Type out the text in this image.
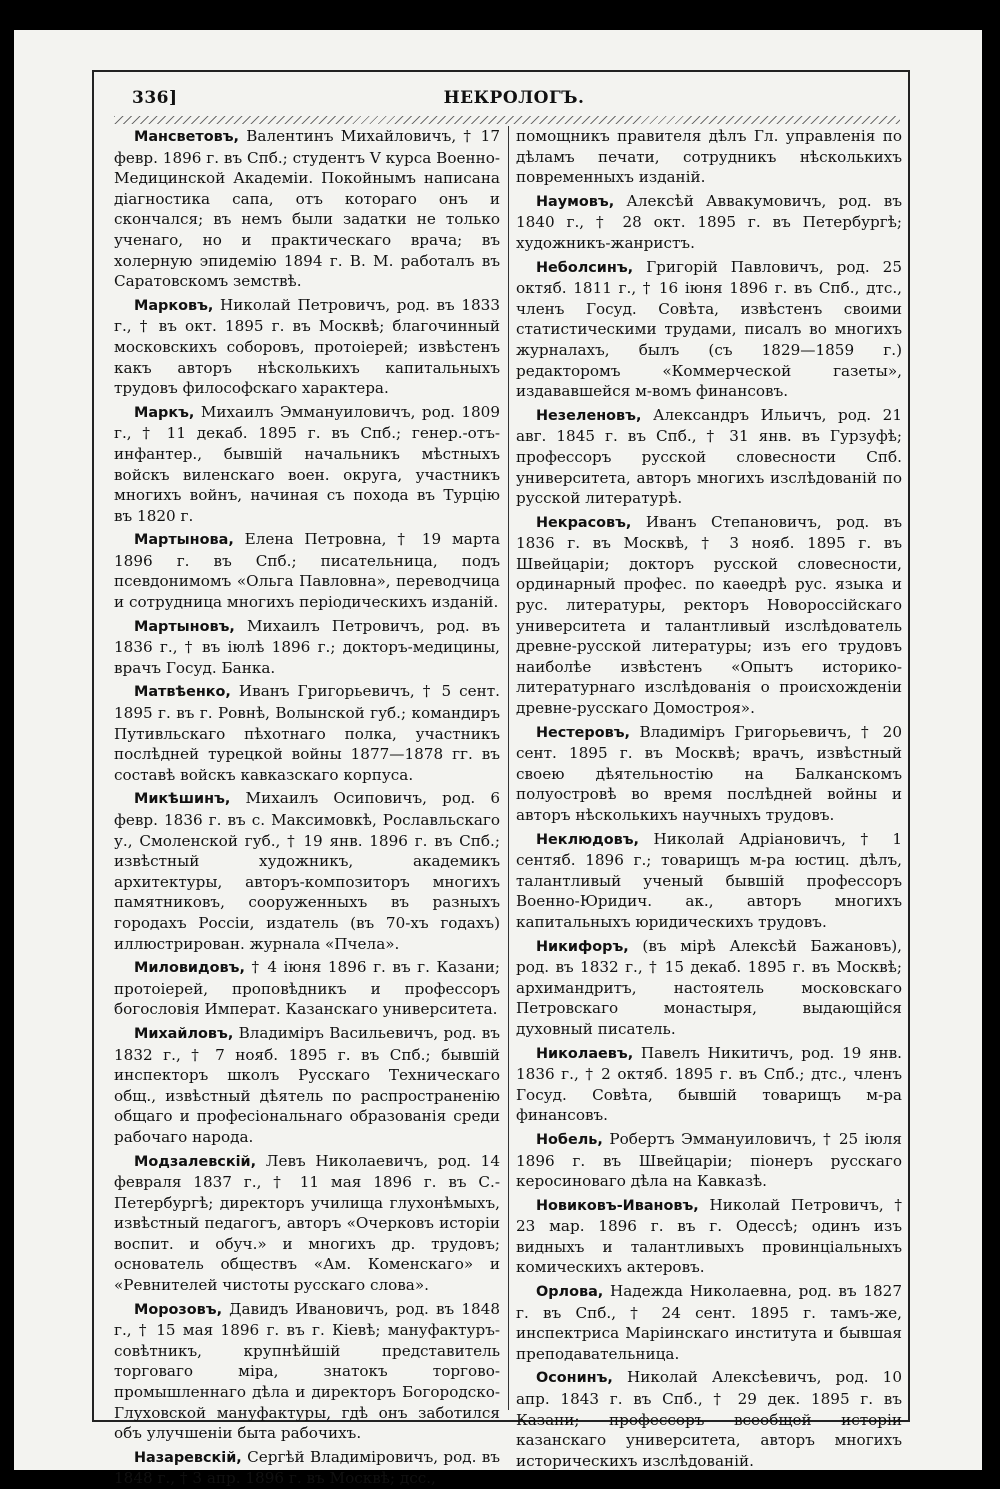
336]	НЕКРОЛОГЪ.

Мансветовъ, Валентинъ Михайловичъ, † 17 февр. 1896 г. въ Спб.; студентъ V курса Военно-Медицинской Академiи. Покойнымъ написана дiагностика сапа, отъ котораго онъ и скончался; въ немъ были задатки не только ученаго, но и практическаго врача; въ холерную эпидемiю 1894 г. В. М. работалъ въ Саратовскомъ земствѣ.

Марковъ, Николай Петровичъ, род. въ 1833 г., † въ окт. 1895 г. въ Москвѣ; благочинный московскихъ соборовъ, протоiерей; извѣстенъ какъ авторъ нѣсколькихъ капитальныхъ трудовъ философскаго характера.

Маркъ, Михаилъ Эммануиловичъ, род. 1809 г., † 11 декаб. 1895 г. въ Спб.; генер.-отъ-инфантер., бывшiй начальникъ мѣстныхъ войскъ виленскаго воен. округа, участникъ многихъ войнъ, начиная съ похода въ Турцiю въ 1820 г.

Мартынова, Елена Петровна, † 19 марта 1896 г. въ Спб.; писательница, подъ псевдонимомъ «Ольга Павловна», переводчица и сотрудница многихъ перiодическихъ изданiй.

Мартыновъ, Михаилъ Петровичъ, род. въ 1836 г., † въ iюлѣ 1896 г.; докторъ-медицины, врачъ Госуд. Банка.

Матвѣенко, Иванъ Григорьевичъ, † 5 сент. 1895 г. въ г. Ровнѣ, Волынской губ.; командиръ Путивльскаго пѣхотнаго полка, участникъ послѣдней турецкой войны 1877—1878 гг. въ составѣ войскъ кавказскаго корпуса.

Микѣшинъ, Михаилъ Осиповичъ, род. 6 февр. 1836 г. въ с. Максимовкѣ, Рославльскаго у., Смоленской губ., † 19 янв. 1896 г. въ Спб.; извѣстный художникъ, академикъ архитектуры, авторъ-композиторъ многихъ памятниковъ, сооруженныхъ въ разныхъ городахъ Россiи, издатель (въ 70-хъ годахъ) иллюстрирован. журнала «Пчела».

Миловидовъ, † 4 iюня 1896 г. въ г. Казани; протоiерей, проповѣдникъ и профессоръ богословiя Императ. Казанскаго университета.

Михайловъ, Владимiръ Васильевичъ, род. въ 1832 г., † 7 нояб. 1895 г. въ Спб.; бывшiй инспекторъ школъ Русскаго Техническаго общ., извѣстный дѣятель по распространенiю общаго и професiональнаго образованiя среди рабочаго народа.

Модзалевскiй, Левъ Николаевичъ, род. 14 февраля 1837 г., † 11 мая 1896 г. въ С.-Петербургѣ; директоръ училища глухонѣмыхъ, извѣстный педагогъ, авторъ «Очерковъ исторiи воспит. и обуч.» и многихъ др. трудовъ; основатель обществъ «Ам. Коменскаго» и «Ревнителей чистоты русскаго слова».

Морозовъ, Давидъ Ивановичъ, род. въ 1848 г., † 15 мая 1896 г. въ г. Кiевѣ; мануфактуръ-совѣтникъ, крупнѣйшiй представитель торговаго мiра, знатокъ торгово-промышленнаго дѣла и директоръ Богородско-Глуховской мануфактуры, гдѣ онъ заботился объ улучшенiи быта рабочихъ.

Назаревскiй, Сергѣй Владимiровичъ, род. въ 1848 г., † 3 апр. 1896 г. въ Москвѣ; дсс.,

помощникъ правителя дѣлъ Гл. управленiя по дѣламъ печати, сотрудникъ нѣсколькихъ повременныхъ изданiй.

Наумовъ, Алексѣй Аввакумовичъ, род. въ 1840 г., † 28 окт. 1895 г. въ Петербургѣ; художникъ-жанристъ.

Неболсинъ, Григорiй Павловичъ, род. 25 октяб. 1811 г., † 16 iюня 1896 г. въ Спб., дтс., членъ Госуд. Совѣта, извѣстенъ своими статистическими трудами, писалъ во многихъ журналахъ, былъ (съ 1829—1859 г.) редакторомъ «Коммерческой газеты», издававшейся м-вомъ финансовъ.

Незеленовъ, Александръ Ильичъ, род. 21 авг. 1845 г. въ Спб., † 31 янв. въ Гурзуфѣ; профессоръ русской словесности Спб. университета, авторъ многихъ изслѣдованiй по русской литературѣ.

Некрасовъ, Иванъ Степановичъ, род. въ 1836 г. въ Москвѣ, † 3 нояб. 1895 г. въ Швейцарiи; докторъ русской словесности, ординарный профес. по каѳедрѣ рус. языка и рус. литературы, ректоръ Новороссiйскаго университета и талантливый изслѣдователь древне-русской литературы; изъ его трудовъ наиболѣе извѣстенъ «Опытъ историко-литературнаго изслѣдованiя о происхожденiи древне-русскаго Домостроя».

Нестеровъ, Владимiръ Григорьевичъ, † 20 сент. 1895 г. въ Москвѣ; врачъ, извѣстный своею дѣятельностiю на Балканскомъ полуостровѣ во время послѣдней войны и авторъ нѣсколькихъ научныхъ трудовъ.

Неклюдовъ, Николай Адрiановичъ, † 1 сентяб. 1896 г.; товарищъ м-ра юстиц. дѣлъ, талантливый ученый бывшiй профессоръ Военно-Юридич. ак., авторъ многихъ капитальныхъ юридическихъ трудовъ.

Никифоръ, (въ мiрѣ Алексѣй Бажановъ), род. въ 1832 г., † 15 декаб. 1895 г. въ Москвѣ; архимандритъ, настоятель московскаго Петровскаго монастыря, выдающiйся духовный писатель.

Николаевъ, Павелъ Никитичъ, род. 19 янв. 1836 г., † 2 октяб. 1895 г. въ Спб.; дтс., членъ Госуд. Совѣта, бывшiй товарищъ м-ра финансовъ.

Нобель, Робертъ Эммануиловичъ, † 25 iюля 1896 г. въ Швейцарiи; пiонеръ русскаго керосиноваго дѣла на Кавказѣ.

Новиковъ-Ивановъ, Николай Петровичъ, † 23 мар. 1896 г. въ г. Одессѣ; одинъ изъ видныхъ и талантливыхъ провинцiальныхъ комическихъ актеровъ.

Орлова, Надежда Николаевна, род. въ 1827 г. въ Спб., † 24 сент. 1895 г. тамъ-же, инспектриса Марiинскаго института и бывшая преподавательница.

Осонинъ, Николай Алексѣевичъ, род. 10 апр. 1843 г. въ Спб., † 29 дек. 1895 г. въ Казани; профессоръ всеобщей исторiи казанскаго университета, авторъ многихъ историческихъ изслѣдованiй.
